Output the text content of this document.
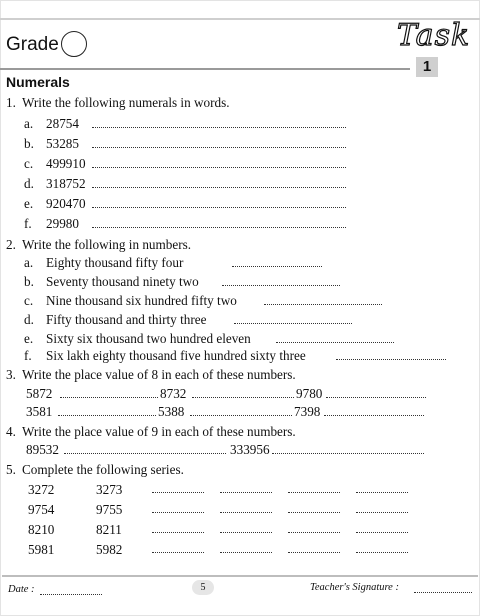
Grade	Task
1
Numerals
1. Write the following numerals in words.
a. 28754
b. 53285
c. 499910
d. 318752
e. 920470
f. 29980
2. Write the following in numbers.
a. Eighty thousand fifty four
b. Seventy thousand ninety two
c. Nine thousand six hundred fifty two
d. Fifty thousand and thirty three
e. Sixty six thousand two hundred eleven
f. Six lakh eighty thousand five hundred sixty three
3. Write the place value of 8 in each of these numbers.
5872	8732	9780
3581	5388	7398
4. Write the place value of 9 in each of these numbers.
89532	333956
5. Complete the following series.
3272	3273
9754	9755
8210	8211
5981	5982
Date :	5	Teacher's Signature :
